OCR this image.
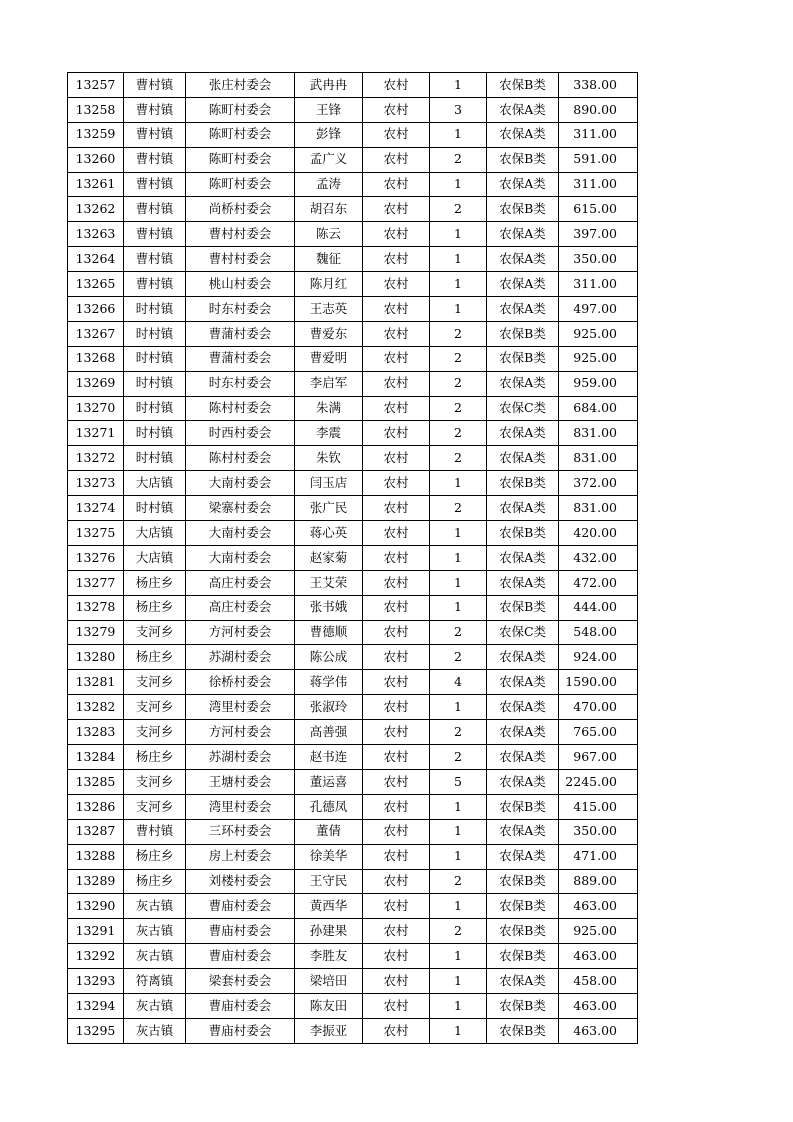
13257	曹村镇	张庄村委会	武冉冉	农村	1	农保B类	338.00
13258	曹村镇	陈町村委会	王锋	农村	3	农保A类	890.00
13259	曹村镇	陈町村委会	彭锋	农村	1	农保A类	311.00
13260	曹村镇	陈町村委会	孟广义	农村	2	农保B类	591.00
13261	曹村镇	陈町村委会	孟涛	农村	1	农保A类	311.00
13262	曹村镇	尚桥村委会	胡召东	农村	2	农保B类	615.00
13263	曹村镇	曹村村委会	陈云	农村	1	农保A类	397.00
13264	曹村镇	曹村村委会	魏征	农村	1	农保A类	350.00
13265	曹村镇	桃山村委会	陈月红	农村	1	农保A类	311.00
13266	时村镇	时东村委会	王志英	农村	1	农保A类	497.00
13267	时村镇	曹蒲村委会	曹爱东	农村	2	农保B类	925.00
13268	时村镇	曹蒲村委会	曹爱明	农村	2	农保B类	925.00
13269	时村镇	时东村委会	李启军	农村	2	农保A类	959.00
13270	时村镇	陈村村委会	朱满	农村	2	农保C类	684.00
13271	时村镇	时西村委会	李震	农村	2	农保A类	831.00
13272	时村镇	陈村村委会	朱钦	农村	2	农保A类	831.00
13273	大店镇	大南村委会	闫玉店	农村	1	农保B类	372.00
13274	时村镇	梁寨村委会	张广民	农村	2	农保A类	831.00
13275	大店镇	大南村委会	蒋心英	农村	1	农保B类	420.00
13276	大店镇	大南村委会	赵家菊	农村	1	农保A类	432.00
13277	杨庄乡	高庄村委会	王艾荣	农村	1	农保A类	472.00
13278	杨庄乡	高庄村委会	张书娥	农村	1	农保B类	444.00
13279	支河乡	方河村委会	曹德顺	农村	2	农保C类	548.00
13280	杨庄乡	苏湖村委会	陈公成	农村	2	农保A类	924.00
13281	支河乡	徐桥村委会	蒋学伟	农村	4	农保A类	1590.00
13282	支河乡	湾里村委会	张淑玲	农村	1	农保A类	470.00
13283	支河乡	方河村委会	高善强	农村	2	农保A类	765.00
13284	杨庄乡	苏湖村委会	赵书连	农村	2	农保A类	967.00
13285	支河乡	王塘村委会	董运喜	农村	5	农保A类	2245.00
13286	支河乡	湾里村委会	孔德凤	农村	1	农保B类	415.00
13287	曹村镇	三环村委会	董倩	农村	1	农保A类	350.00
13288	杨庄乡	房上村委会	徐美华	农村	1	农保A类	471.00
13289	杨庄乡	刘楼村委会	王守民	农村	2	农保B类	889.00
13290	灰古镇	曹庙村委会	黄西华	农村	1	农保B类	463.00
13291	灰古镇	曹庙村委会	孙建果	农村	2	农保B类	925.00
13292	灰古镇	曹庙村委会	李胜友	农村	1	农保B类	463.00
13293	符离镇	梁套村委会	梁培田	农村	1	农保A类	458.00
13294	灰古镇	曹庙村委会	陈友田	农村	1	农保B类	463.00
13295	灰古镇	曹庙村委会	李振亚	农村	1	农保B类	463.00
